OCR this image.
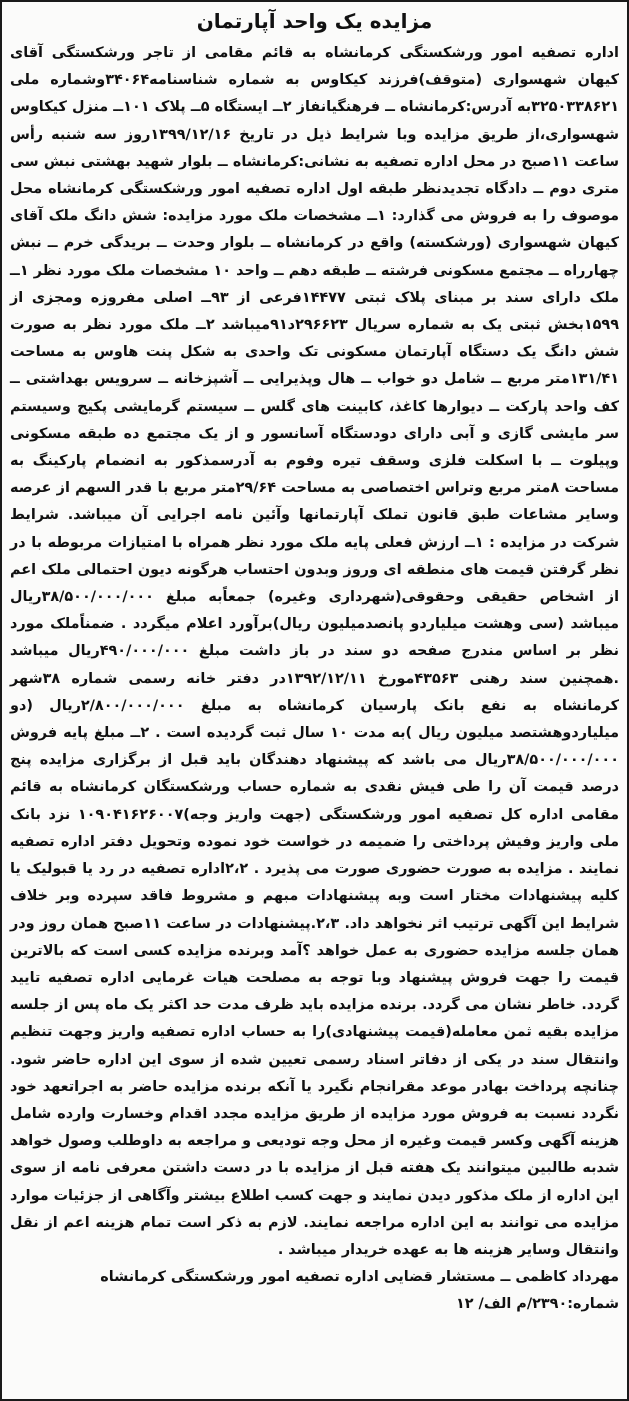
مزایده یک واحد آپارتمان

اداره تصفیه امور ورشکستگی کرمانشاه به قائم مقامی از تاجر ورشکستگی آقای کیهان شهسواری (متوقف)فرزند کیکاوس به شماره شناسنامه۳۴۰۶۴وشماره ملی ۳۲۵۰۳۳۸۶۲۱به آدرس:کرمانشاه ــ فرهنگیانفاز ۲ــ ایستگاه ۵ــ پلاک ۱۰۱ــ منزل کیکاوس شهسواری،از طریق مزایده وبا شرایط ذیل در تاریخ ۱۳۹۹/۱۲/۱۶روز سه شنبه رأس ساعت ۱۱صبح در محل اداره تصفیه به نشانی:کرمانشاه ــ بلوار شهید بهشتی نبش سی متری دوم ــ دادگاه تجدیدنظر طبقه اول اداره تصفیه امور ورشکستگی کرمانشاه محل موصوف را به فروش می گذارد: ۱ــ مشخصات ملک مورد مزایده: شش دانگ ملک آقای کیهان شهسواری (ورشکسته) واقع در کرمانشاه ــ بلوار وحدت ــ بریدگی خرم ــ نبش چهارراه ــ مجتمع مسکونی فرشته ــ طبقه دهم ــ واحد ۱۰ مشخصات ملک مورد نظر ۱ــ ملک دارای سند بر مبنای پلاک ثبتی ۱۴۴۷۷فرعی از ۹۳ــ اصلی مفروزه ومجزی از ۱۵۹۹بخش ثبتی یک به شماره سریال ۲۹۶۶۲۳د۹۱میباشد ۲ــ ملک مورد نظر به صورت شش دانگ یک دستگاه آپارتمان مسکونی تک واحدی به شکل پنت هاوس به مساحت ۱۳۱/۴۱متر مربع ــ شامل دو خواب ــ هال وپذیرایی ــ آشپزخانه ــ سرویس بهداشتی ــ کف واحد پارکت ــ دیوارها کاغذ، کابینت های گلس ــ سیستم گرمایشی پکیج وسیستم سر مایشی گازی و آبی دارای دودستگاه آسانسور و از یک مجتمع ده طبقه مسکونی وپیلوت ــ با اسکلت فلزی وسقف تیره وفوم به آدرسمذکور به انضمام پارکینگ به مساحت ۸متر مربع وتراس اختصاصی به مساحت ۲۹/۶۴متر مربع با قدر السهم از عرصه وسایر مشاعات طبق قانون تملک آپارتمانها وآئین نامه اجرایی آن میباشد. شرایط شرکت در مزایده : ۱ــ ارزش فعلی پایه ملک مورد نظر همراه با امتیازات مربوطه با در نظر گرفتن قیمت های منطقه ای وروز وبدون احتساب هرگونه دیون احتمالی ملک اعم از اشخاص حقیقی وحقوقی(شهرداری وغیره) جمعاًبه مبلغ ۳۸/۵۰۰/۰۰۰/۰۰۰ریال میباشد (سی وهشت میلیاردو پانصدمیلیون ریال)برآورد اعلام میگردد . ضمناًملک مورد نظر بر اساس مندرج صفحه دو سند در باز داشت مبلغ ۴۹۰/۰۰۰/۰۰۰ریال میباشد .همچنین سند رهنی ۴۳۵۶۳مورخ ۱۳۹۲/۱۲/۱۱در دفتر خانه رسمی شماره ۳۸شهر کرمانشاه به نفع بانک پارسیان کرمانشاه به مبلغ ۲/۸۰۰/۰۰۰/۰۰۰ریال (دو میلیاردوهشتصد میلیون ریال )به مدت ۱۰ سال ثبت گردیده است . ۲ــ مبلغ پایه فروش ۳۸/۵۰۰/۰۰۰/۰۰۰ریال می باشد که پیشنهاد دهندگان باید قبل از برگزاری مزایده پنج درصد قیمت آن را طی فیش نقدی به شماره حساب ورشکستگان کرمانشاه به قائم مقامی اداره کل تصفیه امور ورشکستگی (جهت واریز وجه)۱۰۹۰۴۱۶۲۶۰۰۷ نزد بانک ملی واریز وفیش پرداختی را ضمیمه در خواست خود نموده وتحویل دفتر اداره تصفیه نمایند . مزایده به صورت حضوری صورت می پذیرد . ۲،۲اداره تصفیه در رد یا قبولیک یا کلیه پیشنهادات مختار است وبه پیشنهادات مبهم و مشروط فاقد سپرده وبر خلاف شرایط این آگهی ترتیب اثر نخواهد داد. ۲،۳.پیشنهادات در ساعت ۱۱صبح همان روز ودر همان جلسه مزایده حضوری به عمل خواهد ؟آمد وبرنده مزایده کسی است که بالاترین قیمت را جهت فروش پیشنهاد وبا توجه به مصلحت هیات غرمایی اداره تصفیه تایید گردد. خاطر نشان می گردد. برنده مزایده باید ظرف مدت حد اکثر یک ماه پس از جلسه مزایده بقیه ثمن معامله(قیمت پیشنهادی)را به حساب اداره تصفیه واریز وجهت تنظیم وانتقال سند در یکی از دفاتر اسناد رسمی تعیین شده از سوی این اداره حاضر شود. چنانچه پرداخت بهادر موعد مقرانجام نگیرد یا آنکه برنده مزایده حاضر به اجراتعهد خود نگردد نسبت به فروش مورد مزایده از طریق مزایده مجدد اقدام وخسارت وارده شامل هزینه آگهی وکسر قیمت وغیره از محل وجه تودیعی و مراجعه به داوطلب وصول خواهد شدبه طالبین میتوانند یک هفته قبل از مزایده با در دست داشتن معرفی نامه از سوی این اداره از ملک مذکور دیدن نمایند و جهت کسب اطلاع بیشتر وآگاهی از جزئیات موارد مزایده می توانند به این اداره مراجعه نمایند. لازم به ذکر است تمام هزینه اعم از نقل وانتقال وسایر هزینه ها به عهده خریدار میباشد .

مهرداد کاظمی ــ مستشار قضایی اداره تصفیه امور ورشکستگی کرمانشاه

شماره:۲۳۹۰/م الف/ ۱۲
